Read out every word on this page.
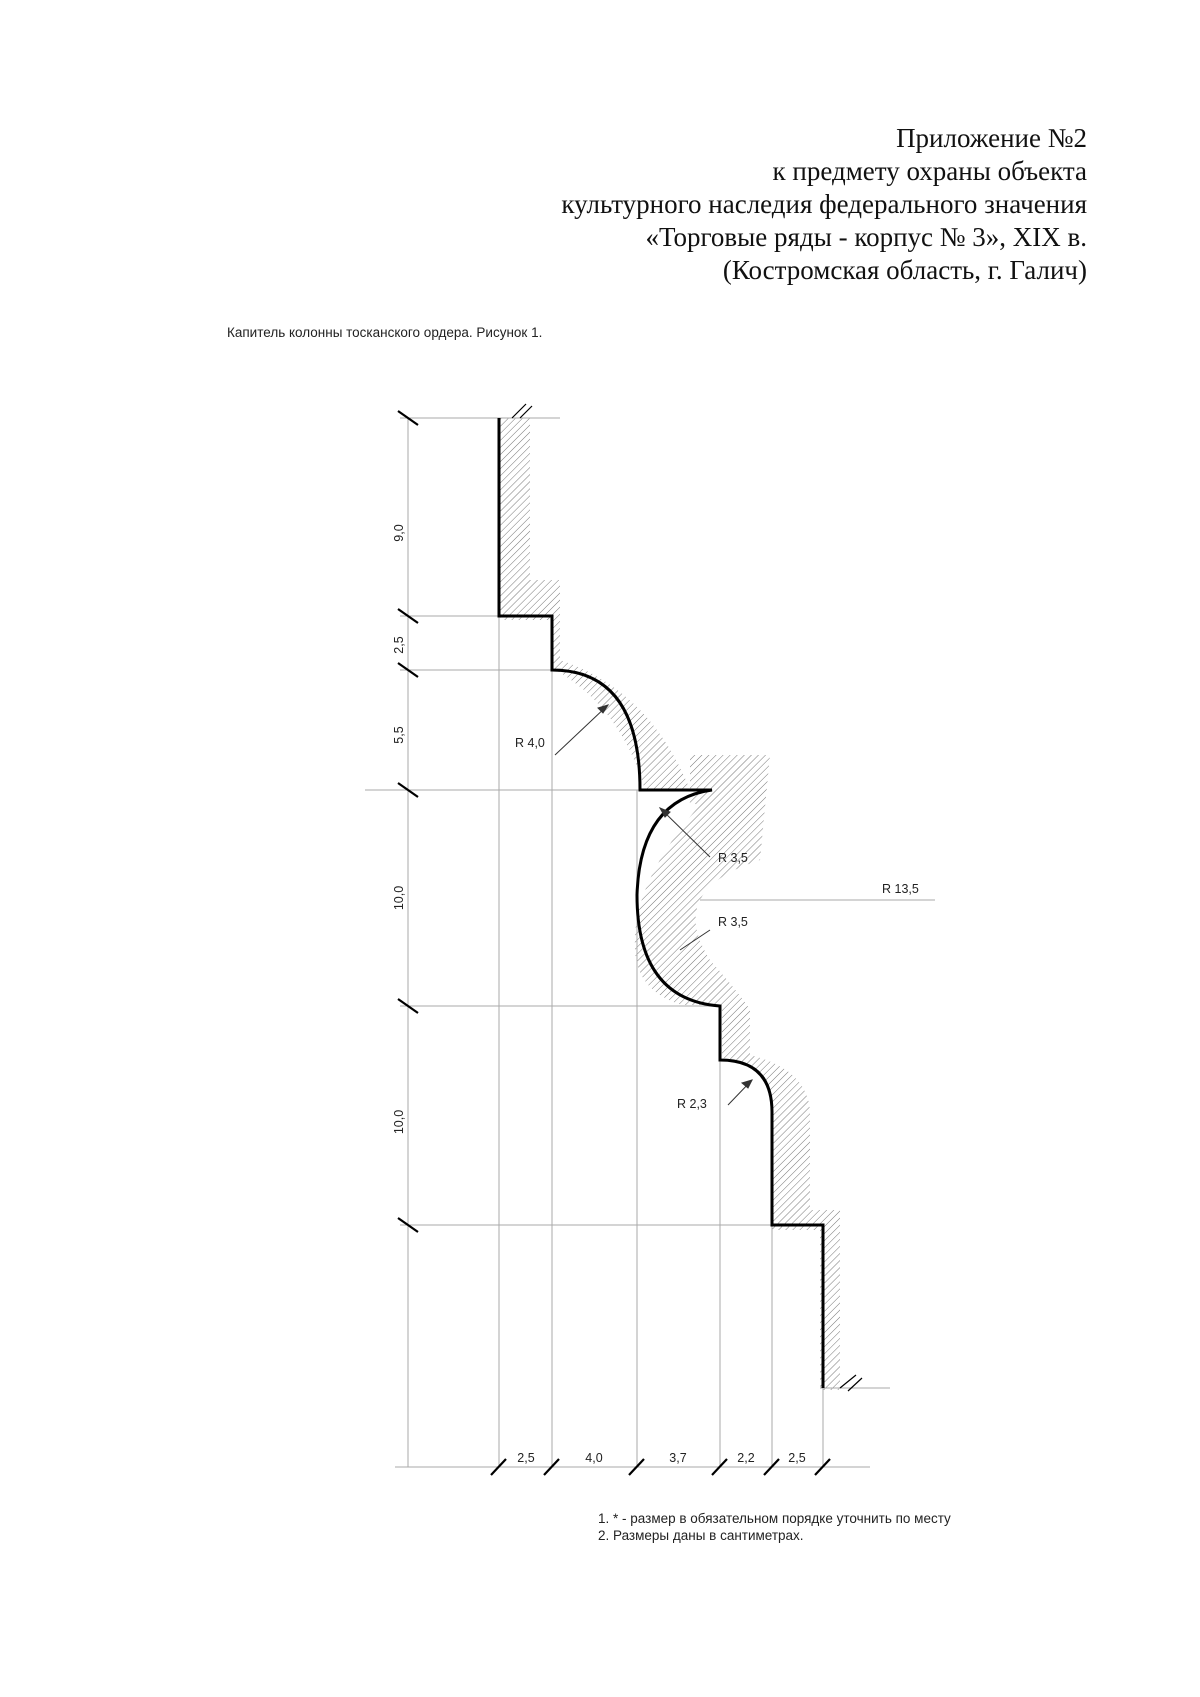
Приложение №2
к предмету охраны объекта
культурного наследия федерального значения
«Торговые ряды - корпус № 3», XIX в.
(Костромская область, г. Галич)
Капитель колонны тосканского ордера. Рисунок 1.
9,0
2,5
5,5
10,0
10,0
2,5	4,0	3,7	2,2	2,5
R 4,0
R 3,5
R 13,5
R 3,5
R 2,3
1. * - размер в обязательном порядке уточнить по месту
2. Размеры даны в сантиметрах.
